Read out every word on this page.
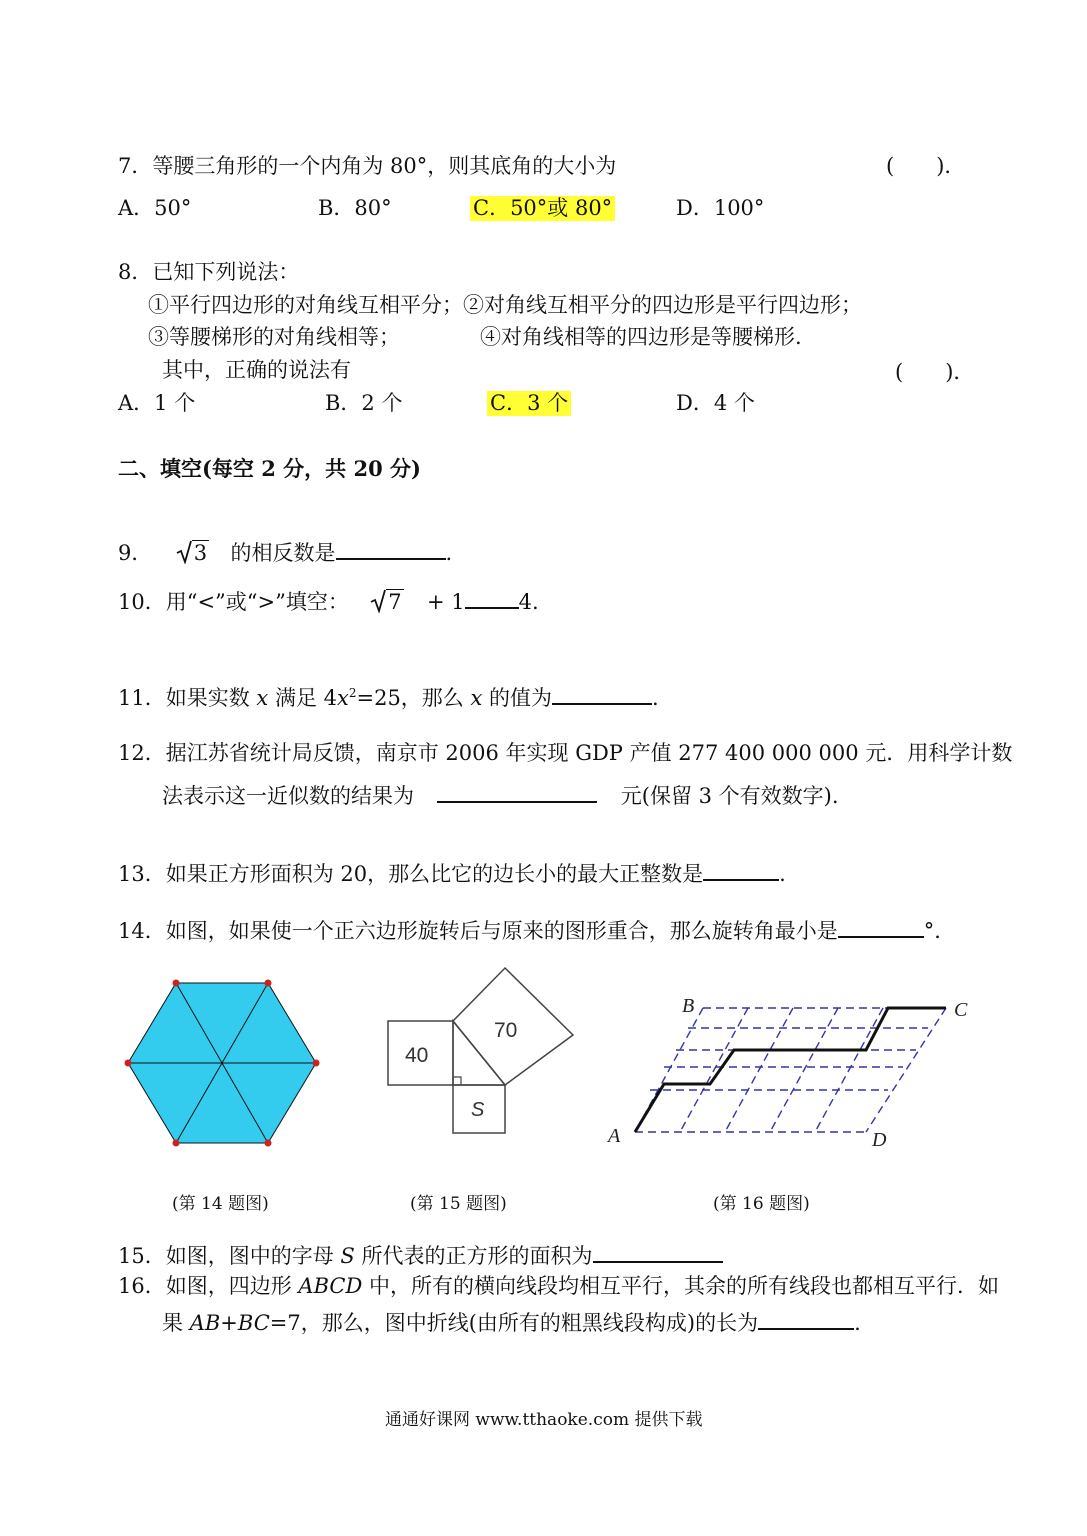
7．等腰三角形的一个内角为 80°，则其底角的大小为	(　　)．
A．50°	B．80°	C．50°或 80°	D．100°
8．已知下列说法：
①平行四边形的对角线互相平分；②对角线互相平分的四边形是平行四边形；
③等腰梯形的对角线相等；	④对角线相等的四边形是等腰梯形.
其中，正确的说法有	(　　)．
A．1 个	B．2 个	C．3 个	D．4 个
二、填空(每空 2 分，共 20 分)
9． 3 的相反数是	.
10．用“<”或“>”填空： 7 + 1	4.
11．如果实数 x 满足 $4x^2=25$，那么 x 的值为	.
12．据江苏省统计局反馈，南京市 2006 年实现 GDP 产值 277 400 000 000 元．用科学计数
法表示这一近似数的结果为	元(保留 3 个有效数字).
13．如果正方形面积为 20，那么比它的边长小的最大正整数是	.
14．如图，如果使一个正六边形旋转后与原来的图形重合，那么旋转角最小是	°．
40
70
S
A
B	C
D
(第 14 题图)	(第 15 题图)	(第 16 题图)
15．如图，图中的字母 S 所代表的正方形的面积为
16．如图，四边形 ABCD 中，所有的横向线段均相互平行，其余的所有线段也都相互平行．如
果 AB+BC=7，那么，图中折线(由所有的粗黑线段构成)的长为	.
通通好课网 www.tthaoke.com 提供下载
